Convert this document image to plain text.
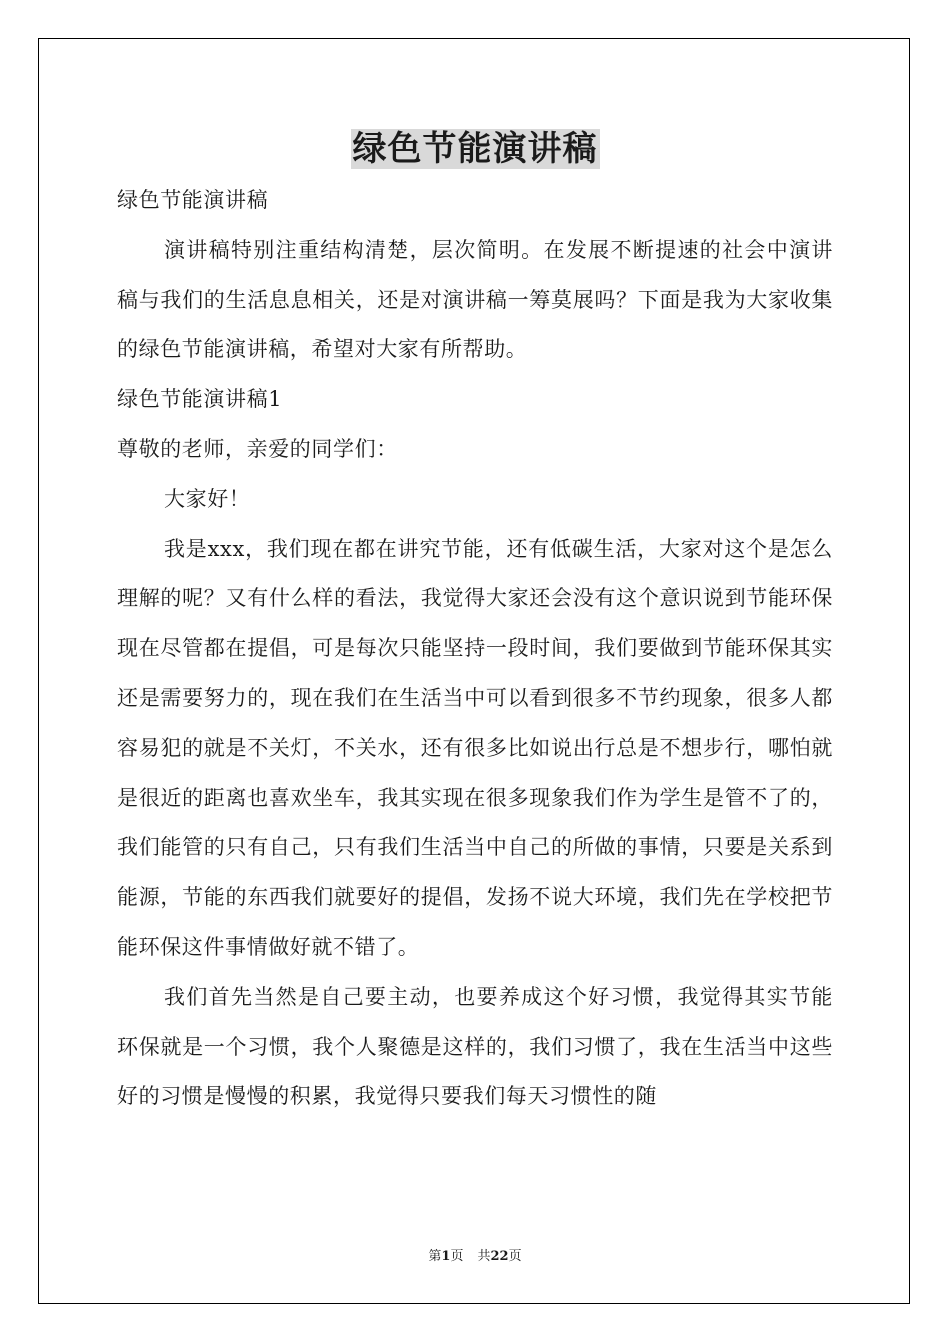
绿色节能演讲稿

绿色节能演讲稿

演讲稿特别注重结构清楚，层次简明。在发展不断提速的社会中演讲稿与我们的生活息息相关，还是对演讲稿一筹莫展吗？下面是我为大家收集的绿色节能演讲稿，希望对大家有所帮助。

绿色节能演讲稿1

尊敬的老师，亲爱的同学们：

大家好！

我是xxx，我们现在都在讲究节能，还有低碳生活，大家对这个是怎么理解的呢？又有什么样的看法，我觉得大家还会没有这个意识说到节能环保现在尽管都在提倡，可是每次只能坚持一段时间，我们要做到节能环保其实还是需要努力的，现在我们在生活当中可以看到很多不节约现象，很多人都容易犯的就是不关灯，不关水，还有很多比如说出行总是不想步行，哪怕就是很近的距离也喜欢坐车，我其实现在很多现象我们作为学生是管不了的，我们能管的只有自己，只有我们生活当中自己的所做的事情，只要是关系到能源，节能的东西我们就要好的提倡，发扬不说大环境，我们先在学校把节能环保这件事情做好就不错了。

我们首先当然是自己要主动，也要养成这个好习惯，我觉得其实节能环保就是一个习惯，我个人聚德是这样的，我们习惯了，我在生活当中这些好的习惯是慢慢的积累，我觉得只要我们每天习惯性的随

第1页 共22页
